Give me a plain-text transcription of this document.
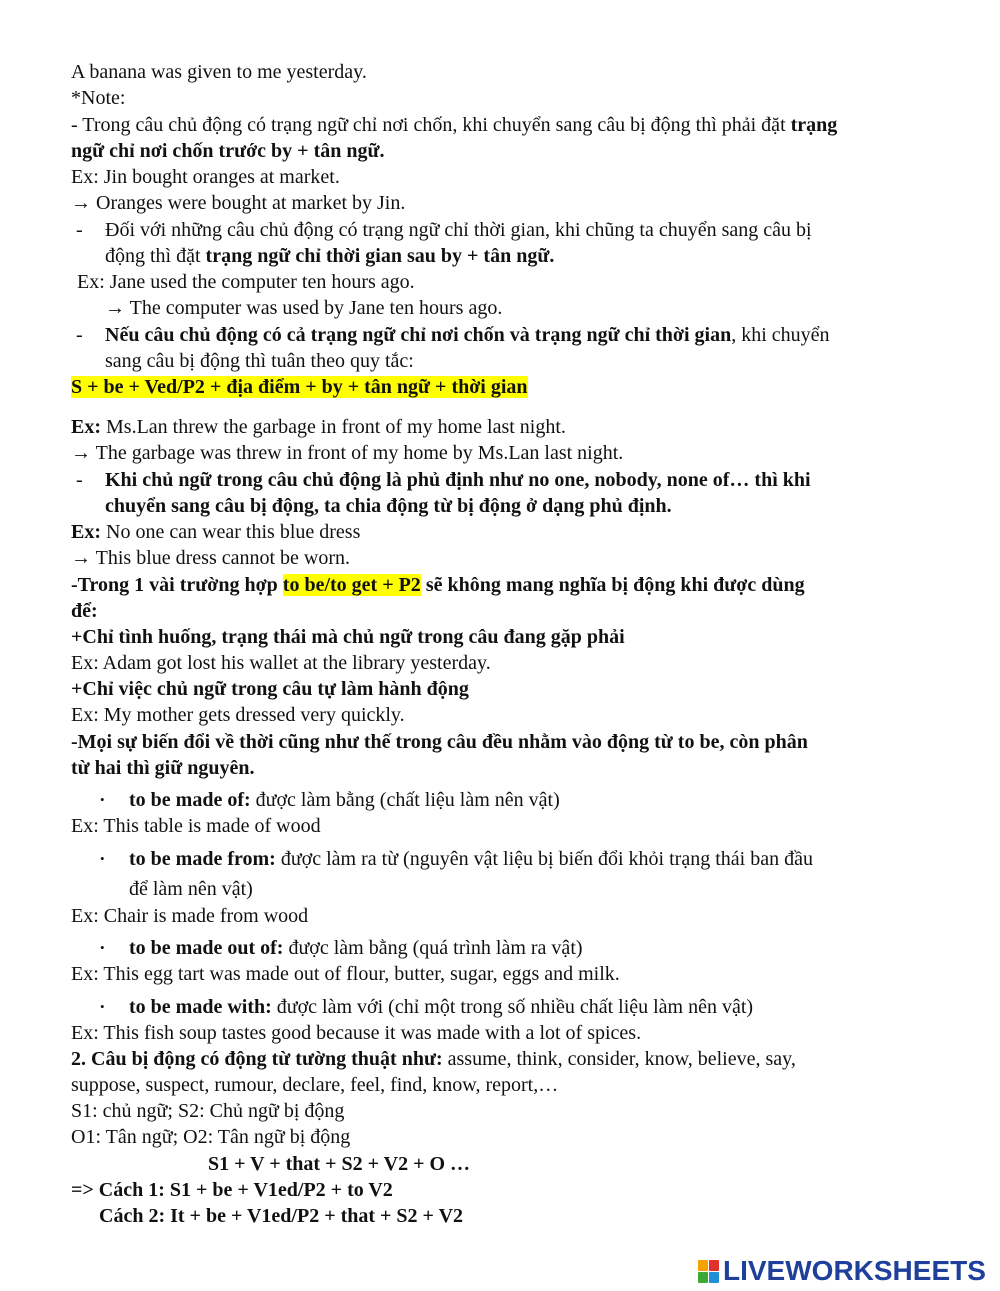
A banana was given to me yesterday.
*Note:
- Trong câu chủ động có trạng ngữ chỉ nơi chốn, khi chuyển sang câu bị động thì phải đặt trạng
ngữ chỉ nơi chốn trước by + tân ngữ.
Ex: Jin bought oranges at market.
→ Oranges were bought at market by Jin.
- Đối với những câu chủ động có trạng ngữ chỉ thời gian, khi chũng ta chuyển sang câu bị
động thì đặt trạng ngữ chỉ thời gian sau by + tân ngữ.
Ex: Jane used the computer ten hours ago.
→ The computer was used by Jane ten hours ago.
- Nếu câu chủ động có cả trạng ngữ chỉ nơi chốn và trạng ngữ chỉ thời gian, khi chuyển
sang câu bị động thì tuân theo quy tắc:
S + be + Ved/P2 + địa điểm + by + tân ngữ + thời gian
Ex: Ms.Lan threw the garbage in front of my home last night.
→ The garbage was threw in front of my home by Ms.Lan last night.
- Khi chủ ngữ trong câu chủ động là phủ định như no one, nobody, none of… thì khi
chuyển sang câu bị động, ta chia động từ bị động ở dạng phủ định.
Ex: No one can wear this blue dress
→ This blue dress cannot be worn.
-Trong 1 vài trường hợp to be/to get + P2 sẽ không mang nghĩa bị động khi được dùng
để:
+Chỉ tình huống, trạng thái mà chủ ngữ trong câu đang gặp phải
Ex: Adam got lost his wallet at the library yesterday.
+Chỉ việc chủ ngữ trong câu tự làm hành động
Ex: My mother gets dressed very quickly.
-Mọi sự biến đổi về thời cũng như thế trong câu đều nhằm vào động từ to be, còn phân
từ hai thì giữ nguyên.
• to be made of: được làm bằng (chất liệu làm nên vật)
Ex: This table is made of wood
• to be made from: được làm ra từ (nguyên vật liệu bị biến đổi khỏi trạng thái ban đầu
để làm nên vật)
Ex: Chair is made from wood
• to be made out of: được làm bằng (quá trình làm ra vật)
Ex: This egg tart was made out of flour, butter, sugar, eggs and milk.
• to be made with: được làm với (chỉ một trong số nhiều chất liệu làm nên vật)
Ex: This fish soup tastes good because it was made with a lot of spices.
2. Câu bị động có động từ tường thuật như: assume, think, consider, know, believe, say,
suppose, suspect, rumour, declare, feel, find, know, report,…
S1: chủ ngữ; S2: Chủ ngữ bị động
O1: Tân ngữ; O2: Tân ngữ bị động
S1 + V + that + S2 + V2 + O …
=> Cách 1: S1 + be + V1ed/P2 + to V2
Cách 2: It + be + V1ed/P2 + that + S2 + V2
LIVEWORKSHEETS
